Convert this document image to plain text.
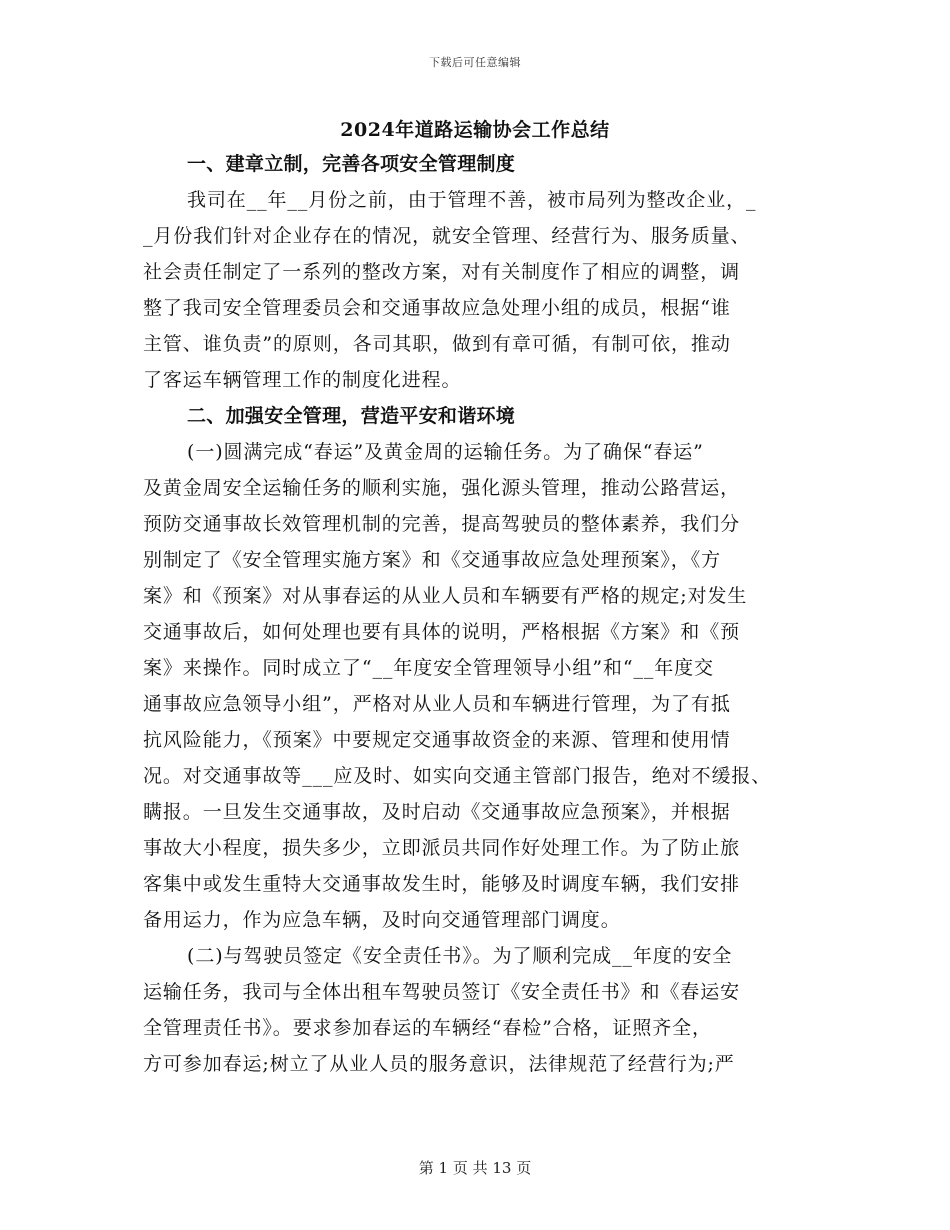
下载后可任意编辑
2024年道路运输协会工作总结
一、建章立制，完善各项安全管理制度
我司在__年__月份之前，由于管理不善，被市局列为整改企业，_
_月份我们针对企业存在的情况，就安全管理、经营行为、服务质量、
社会责任制定了一系列的整改方案，对有关制度作了相应的调整，调
整了我司安全管理委员会和交通事故应急处理小组的成员，根据“谁
主管、谁负责”的原则，各司其职，做到有章可循，有制可依，推动
了客运车辆管理工作的制度化进程。
二、加强安全管理，营造平安和谐环境
(一)圆满完成“春运”及黄金周的运输任务。为了确保“春运”
及黄金周安全运输任务的顺利实施，强化源头管理，推动公路营运，
预防交通事故长效管理机制的完善，提高驾驶员的整体素养，我们分
别制定了《安全管理实施方案》和《交通事故应急处理预案》，《方
案》和《预案》对从事春运的从业人员和车辆要有严格的规定;对发生
交通事故后，如何处理也要有具体的说明，严格根据《方案》和《预
案》来操作。同时成立了“__年度安全管理领导小组”和“__年度交
通事故应急领导小组”，严格对从业人员和车辆进行管理，为了有抵
抗风险能力，《预案》中要规定交通事故资金的来源、管理和使用情
况。对交通事故等___应及时、如实向交通主管部门报告，绝对不缓报、
瞒报。一旦发生交通事故，及时启动《交通事故应急预案》，并根据
事故大小程度，损失多少，立即派员共同作好处理工作。为了防止旅
客集中或发生重特大交通事故发生时，能够及时调度车辆，我们安排
备用运力，作为应急车辆，及时向交通管理部门调度。
(二)与驾驶员签定《安全责任书》。为了顺利完成__年度的安全
运输任务，我司与全体出租车驾驶员签订《安全责任书》和《春运安
全管理责任书》。要求参加春运的车辆经“春检”合格，证照齐全，
方可参加春运;树立了从业人员的服务意识，法律规范了经营行为;严
第 1 页 共 13 页
